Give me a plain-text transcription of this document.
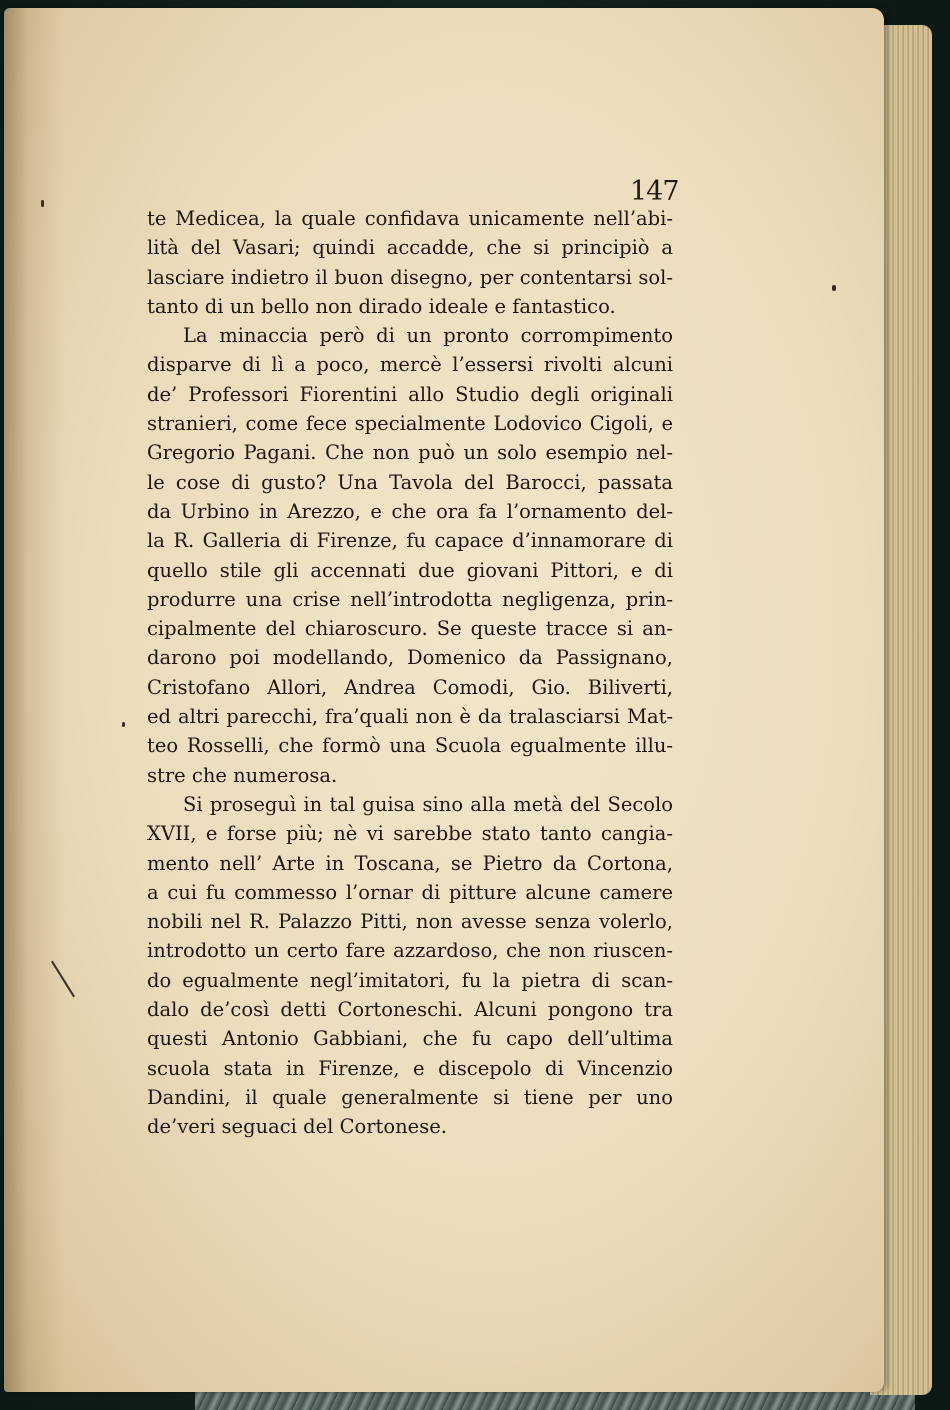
147
te Medicea, la quale confidava unicamente nell’abi-
lità del Vasari; quindi accadde, che si principiò a
lasciare indietro il buon disegno, per contentarsi sol-
tanto di un bello non dirado ideale e fantastico.
La minaccia però di un pronto corrompimento
disparve di lì a poco, mercè l’essersi rivolti alcuni
de’ Professori Fiorentini allo Studio degli originali
stranieri, come fece specialmente Lodovico Cigoli, e
Gregorio Pagani. Che non può un solo esempio nel-
le cose di gusto? Una Tavola del Barocci, passata
da Urbino in Arezzo, e che ora fa l’ornamento del-
la R. Galleria di Firenze, fu capace d’innamorare di
quello stile gli accennati due giovani Pittori, e di
produrre una crise nell’introdotta negligenza, prin-
cipalmente del chiaroscuro. Se queste tracce si an-
darono poi modellando, Domenico da Passignano,
Cristofano Allori, Andrea Comodi, Gio. Biliverti,
ed altri parecchi, fra’quali non è da tralasciarsi Mat-
teo Rosselli, che formò una Scuola egualmente illu-
stre che numerosa.
Si proseguì in tal guisa sino alla metà del Secolo
XVII, e forse più; nè vi sarebbe stato tanto cangia-
mento nell’ Arte in Toscana, se Pietro da Cortona,
a cui fu commesso l’ornar di pitture alcune camere
nobili nel R. Palazzo Pitti, non avesse senza volerlo,
introdotto un certo fare azzardoso, che non riuscen-
do egualmente negl’imitatori, fu la pietra di scan-
dalo de’così detti Cortoneschi. Alcuni pongono tra
questi Antonio Gabbiani, che fu capo dell’ultima
scuola stata in Firenze, e discepolo di Vincenzio
Dandini, il quale generalmente si tiene per uno
de’veri seguaci del Cortonese.
